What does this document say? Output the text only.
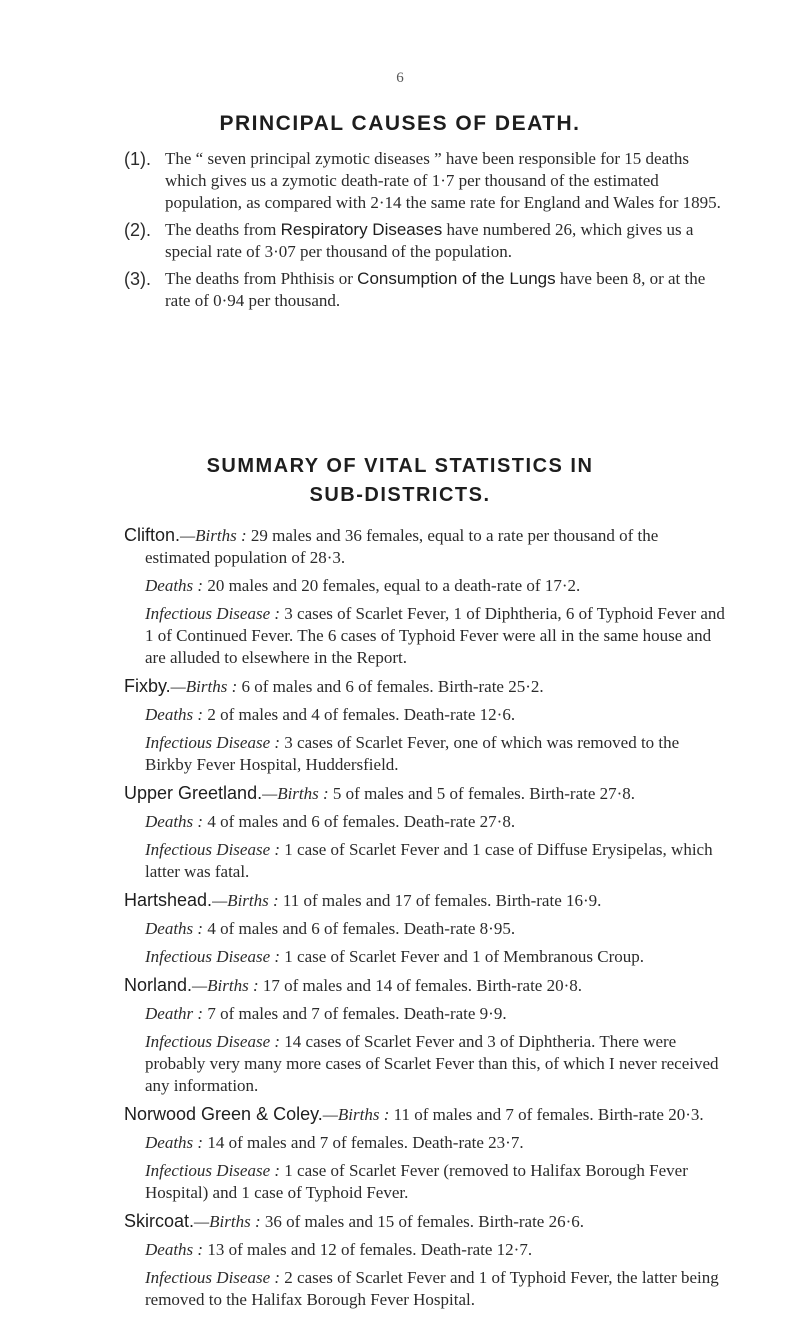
6
PRINCIPAL CAUSES OF DEATH.
(1). The “ seven principal zymotic diseases ” have been responsible for 15 deaths which gives us a zymotic death-rate of 1·7 per thousand of the estimated population, as compared with 2·14 the same rate for England and Wales for 1895.
(2). The deaths from Respiratory Diseases have numbered 26, which gives us a special rate of 3·07 per thousand of the population.
(3). The deaths from Phthisis or Consumption of the Lungs have been 8, or at the rate of 0·94 per thousand.
SUMMARY OF VITAL STATISTICS IN
SUB-DISTRICTS.

Clifton.—Births : 29 males and 36 females, equal to a rate per thousand of the estimated population of 28·3.

Deaths : 20 males and 20 females, equal to a death-rate of 17·2.

Infectious Disease : 3 cases of Scarlet Fever, 1 of Diphtheria, 6 of Typhoid Fever and 1 of Continued Fever. The 6 cases of Typhoid Fever were all in the same house and are alluded to elsewhere in the Report.

Fixby.—Births : 6 of males and 6 of females. Birth-rate 25·2.

Deaths : 2 of males and 4 of females. Death-rate 12·6.

Infectious Disease : 3 cases of Scarlet Fever, one of which was removed to the Birkby Fever Hospital, Huddersfield.

Upper Greetland.—Births : 5 of males and 5 of females. Birth-rate 27·8.

Deaths : 4 of males and 6 of females. Death-rate 27·8.

Infectious Disease : 1 case of Scarlet Fever and 1 case of Diffuse Erysipelas, which latter was fatal.

Hartshead.—Births : 11 of males and 17 of females. Birth-rate 16·9.

Deaths : 4 of males and 6 of females. Death-rate 8·95.

Infectious Disease : 1 case of Scarlet Fever and 1 of Membranous Croup.

Norland.—Births : 17 of males and 14 of females. Birth-rate 20·8.

Deathr : 7 of males and 7 of females. Death-rate 9·9.

Infectious Disease : 14 cases of Scarlet Fever and 3 of Diphtheria. There were probably very many more cases of Scarlet Fever than this, of which I never received any information.

Norwood Green & Coley.—Births : 11 of males and 7 of females. Birth-rate 20·3.

Deaths : 14 of males and 7 of females. Death-rate 23·7.

Infectious Disease : 1 case of Scarlet Fever (removed to Halifax Borough Fever Hospital) and 1 case of Typhoid Fever.

Skircoat.—Births : 36 of males and 15 of females. Birth-rate 26·6.

Deaths : 13 of males and 12 of females. Death-rate 12·7.

Infectious Disease : 2 cases of Scarlet Fever and 1 of Typhoid Fever, the latter being removed to the Halifax Borough Fever Hospital.
